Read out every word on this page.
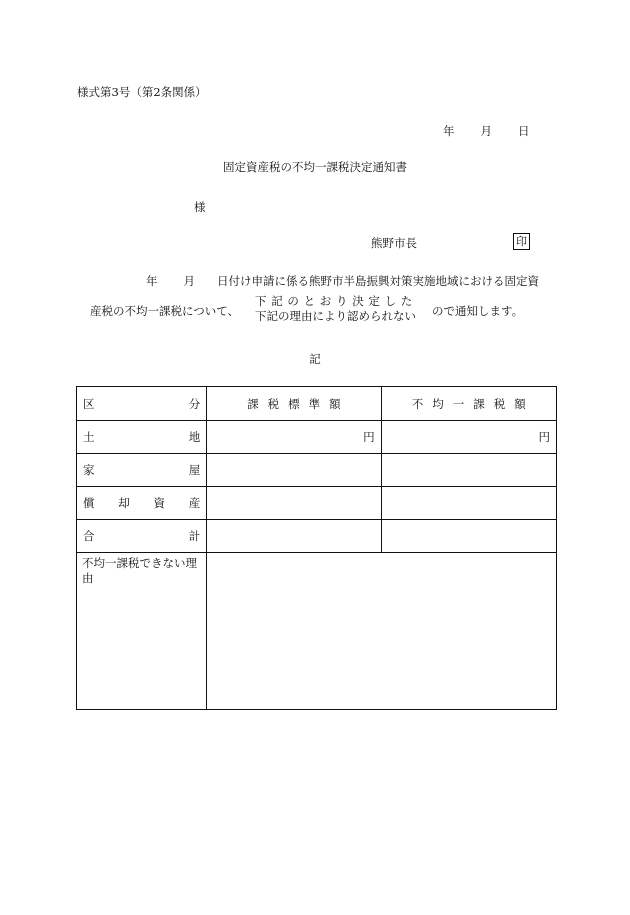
様式第3号（第2条関係）
年 月 日
固定資産税の不均一課税決定通知書
様
熊野市長	印
年 月 日付け申請に係る熊野市半島振興対策実施地域における固定資
産税の不均一課税について、
下記のとおり決定した
下記の理由により認められない ので通知します。
記
区 分	課税標準額	不均一課税額

土 地	円	円

家 屋		

償 却 資 産		

合 計		

不均一課税できない理由		
